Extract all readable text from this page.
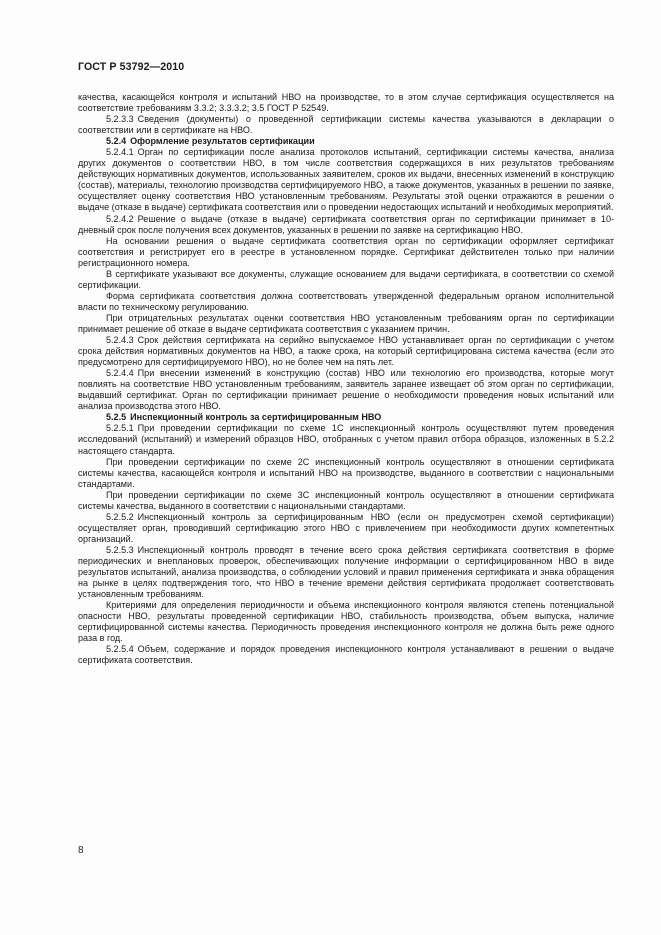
ГОСТ Р 53792—2010

качества, касающейся контроля и испытаний НВО на производстве, то в этом случае сертификация осуществляется на соответствие требованиям 3.3.2; 3.3.3.2; 3.5 ГОСТ Р 52549.

5.2.3.3 Сведения (документы) о проведенной сертификации системы качества указываются в декларации о соответствии или в сертификате на НВО.

5.2.4 Оформление результатов сертификации

5.2.4.1 Орган по сертификации после анализа протоколов испытаний, сертификации системы качества, анализа других документов о соответствии НВО, в том числе соответствия содержащихся в них результатов требованиям действующих нормативных документов, использованных заявителем, сроков их выдачи, внесенных изменений в конструкцию (состав), материалы, технологию производства сертифицируемого НВО, а также документов, указанных в решении по заявке, осуществляет оценку соответствия НВО установленным требованиям. Результаты этой оценки отражаются в решении о выдаче (отказе в выдаче) сертификата соответствия или о проведении недостающих испытаний и необходимых мероприятий.

5.2.4.2 Решение о выдаче (отказе в выдаче) сертификата соответствия орган по сертификации принимает в 10-дневный срок после получения всех документов, указанных в решении по заявке на сертификацию НВО.

На основании решения о выдаче сертификата соответствия орган по сертификации оформляет сертификат соответствия и регистрирует его в реестре в установленном порядке. Сертификат действителен только при наличии регистрационного номера.

В сертификате указывают все документы, служащие основанием для выдачи сертификата, в соответствии со схемой сертификации.

Форма сертификата соответствия должна соответствовать утвержденной федеральным органом исполнительной власти по техническому регулированию.

При отрицательных результатах оценки соответствия НВО установленным требованиям орган по сертификации принимает решение об отказе в выдаче сертификата соответствия с указанием причин.

5.2.4.3 Срок действия сертификата на серийно выпускаемое НВО устанавливает орган по сертификации с учетом срока действия нормативных документов на НВО, а также срока, на который сертифицирована система качества (если это предусмотрено для сертифицируемого НВО), но не более чем на пять лет.

5.2.4.4 При внесении изменений в конструкцию (состав) НВО или технологию его производства, которые могут повлиять на соответствие НВО установленным требованиям, заявитель заранее извещает об этом орган по сертификации, выдавший сертификат. Орган по сертификации принимает решение о необходимости проведения новых испытаний или анализа производства этого НВО.

5.2.5 Инспекционный контроль за сертифицированным НВО

5.2.5.1 При проведении сертификации по схеме 1С инспекционный контроль осуществляют путем проведения исследований (испытаний) и измерений образцов НВО, отобранных с учетом правил отбора образцов, изложенных в 5.2.2 настоящего стандарта.

При проведении сертификации по схеме 2С инспекционный контроль осуществляют в отношении сертификата системы качества, касающейся контроля и испытаний НВО на производстве, выданного в соответствии с национальными стандартами.

При проведении сертификации по схеме 3С инспекционный контроль осуществляют в отношении сертификата системы качества, выданного в соответствии с национальными стандартами.

5.2.5.2 Инспекционный контроль за сертифицированным НВО (если он предусмотрен схемой сертификации) осуществляет орган, проводивший сертификацию этого НВО с привлечением при необходимости других компетентных организаций.

5.2.5.3 Инспекционный контроль проводят в течение всего срока действия сертификата соответствия в форме периодических и внеплановых проверок, обеспечивающих получение информации о сертифицированном НВО в виде результатов испытаний, анализа производства, о соблюдении условий и правил применения сертификата и знака обращения на рынке в целях подтверждения того, что НВО в течение времени действия сертификата продолжает соответствовать установленным требованиям.

Критериями для определения периодичности и объема инспекционного контроля являются степень потенциальной опасности НВО, результаты проведенной сертификации НВО, стабильность производства, объем выпуска, наличие сертифицированной системы качества. Периодичность проведения инспекционного контроля не должна быть реже одного раза в год.

5.2.5.4 Объем, содержание и порядок проведения инспекционного контроля устанавливают в решении о выдаче сертификата соответствия.

8
